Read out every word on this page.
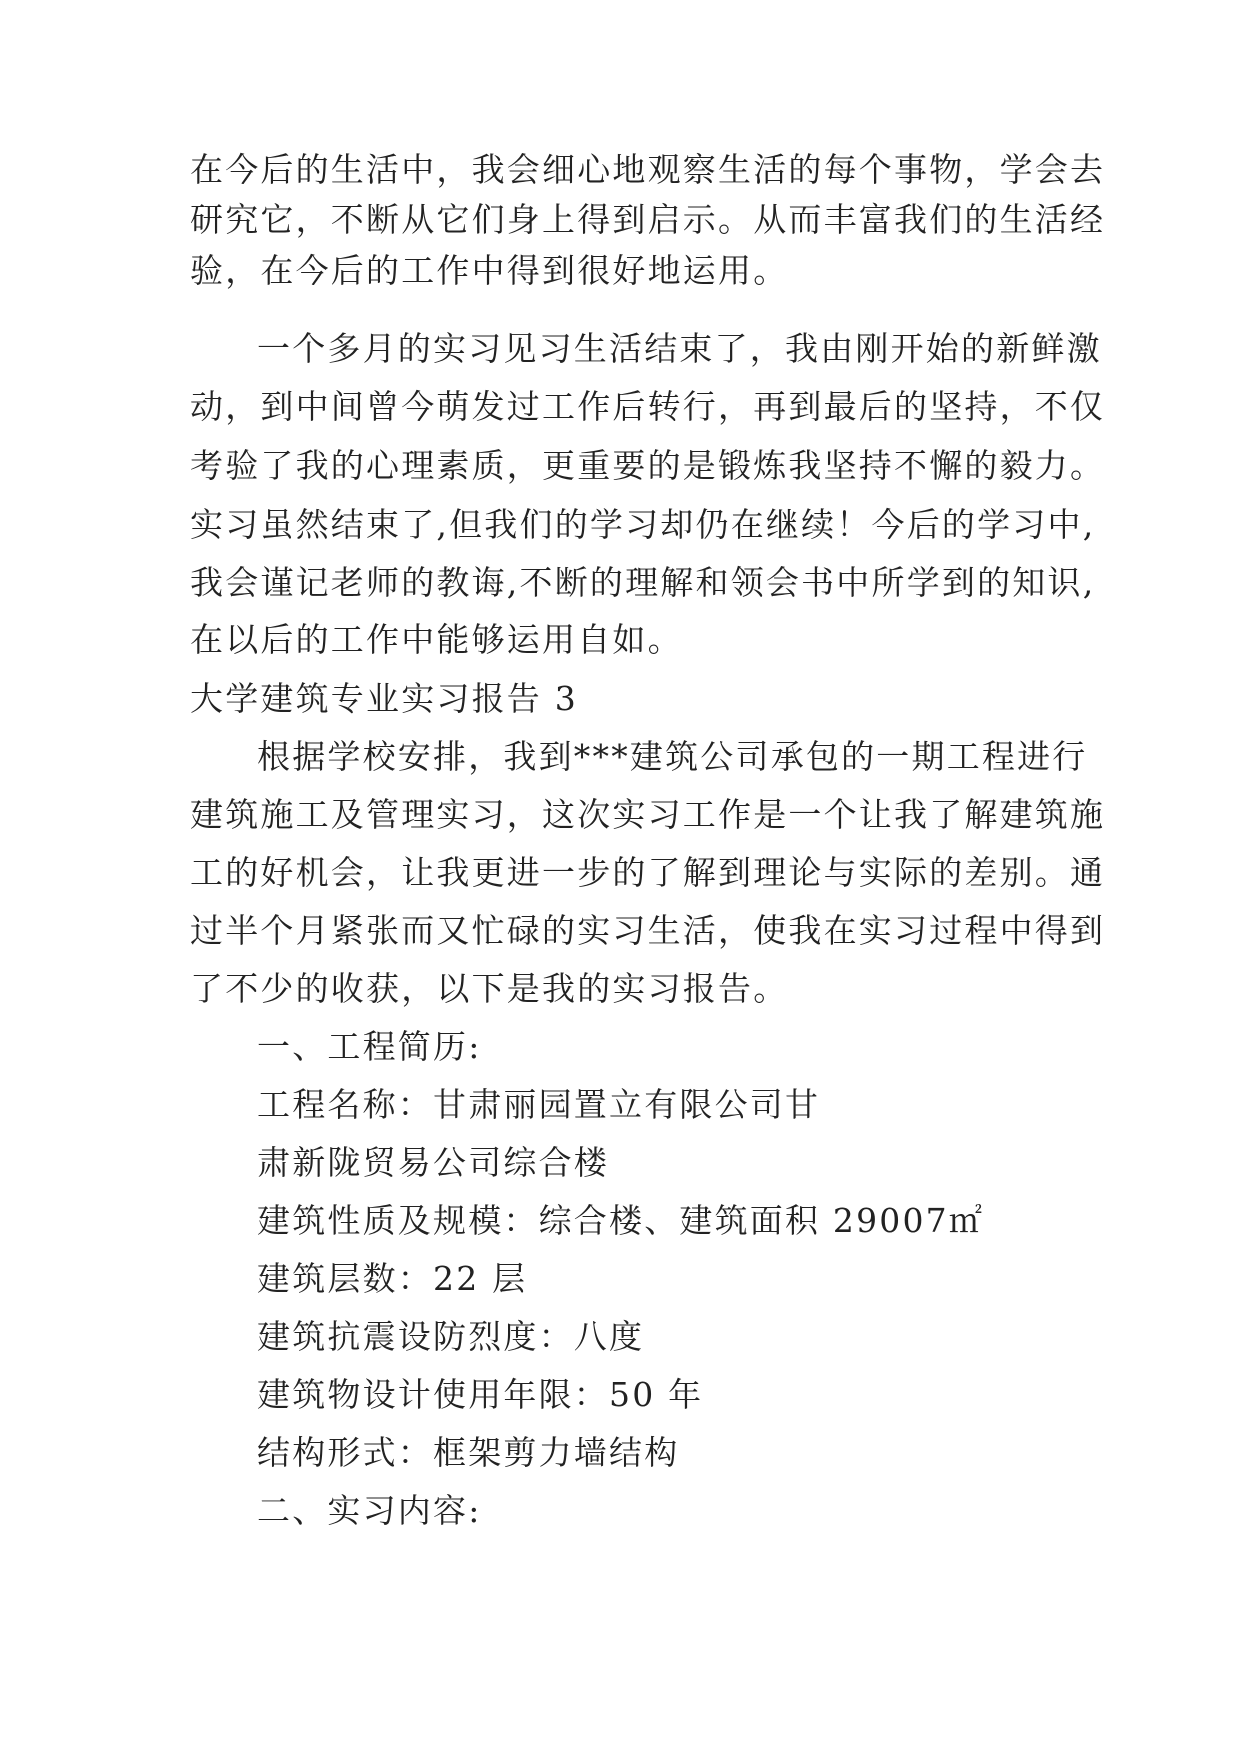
在今后的生活中，我会细心地观察生活的每个事物，学会去
研究它，不断从它们身上得到启示。从而丰富我们的生活经
验，在今后的工作中得到很好地运用。
一个多月的实习见习生活结束了，我由刚开始的新鲜激
动，到中间曾今萌发过工作后转行，再到最后的坚持，不仅
考验了我的心理素质，更重要的是锻炼我坚持不懈的毅力。
实习虽然结束了,但我们的学习却仍在继续！今后的学习中,
我会谨记老师的教诲,不断的理解和领会书中所学到的知识,
在以后的工作中能够运用自如。
大学建筑专业实习报告 3
根据学校安排，我到***建筑公司承包的一期工程进行
建筑施工及管理实习，这次实习工作是一个让我了解建筑施
工的好机会，让我更进一步的了解到理论与实际的差别。通
过半个月紧张而又忙碌的实习生活，使我在实习过程中得到
了不少的收获，以下是我的实习报告。
一、工程简历:
工程名称：甘肃丽园置立有限公司甘
肃新陇贸易公司综合楼
建筑性质及规模：综合楼、建筑面积 29007㎡
建筑层数：22 层
建筑抗震设防烈度：八度
建筑物设计使用年限：50 年
结构形式：框架剪力墙结构
二、实习内容:
